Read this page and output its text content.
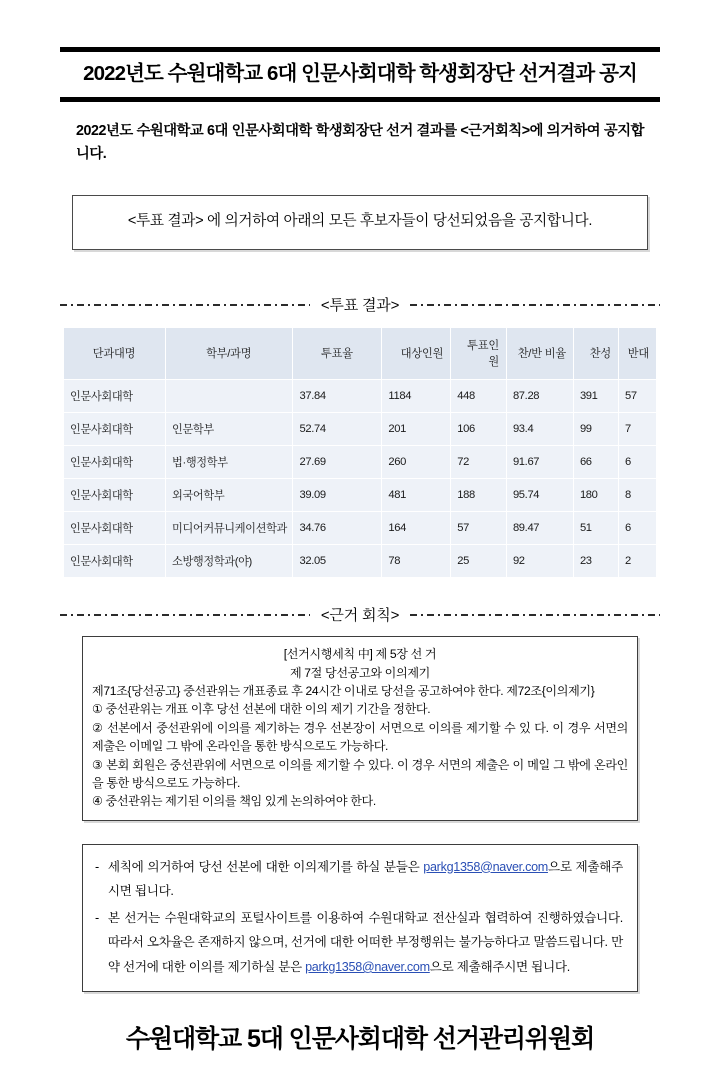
2022년도 수원대학교 6대 인문사회대학 학생회장단 선거결과 공지
2022년도 수원대학교 6대 인문사회대학 학생회장단 선거 결과를 <근거회칙>에 의거하여 공지합니다.
<투표 결과> 에 의거하여 아래의 모든 후보자들이 당선되었음을 공지합니다.
<투표 결과>
단과대명	학부/과명	투표율	대상인원	투표인원	찬/반 비율	찬성	반대
인문사회대학		37.84	1184	448	87.28	391	57
인문사회대학	인문학부	52.74	201	106	93.4	99	7
인문사회대학	법·행정학부	27.69	260	72	91.67	66	6
인문사회대학	외국어학부	39.09	481	188	95.74	180	8
인문사회대학	미디어커뮤니케이션학과	34.76	164	57	89.47	51	6
인문사회대학	소방행정학과(야)	32.05	78	25	92	23	2
<근거 회칙>
[선거시행세칙 中] 제 5장 선 거
제 7절 당선공고와 이의제기
제71조{당선공고} 중선관위는 개표종료 후 24시간 이내로 당선을 공고하여야 한다. 제72조{이의제기}
① 중선관위는 개표 이후 당선 선본에 대한 이의 제기 기간을 정한다.
② 선본에서 중선관위에 이의를 제기하는 경우 선본장이 서면으로 이의를 제기할 수 있 다. 이 경우 서면의 제출은 이메일 그 밖에 온라인을 통한 방식으로도 가능하다.
③ 본회 회원은 중선관위에 서면으로 이의를 제기할 수 있다. 이 경우 서면의 제출은 이 메일 그 밖에 온라인을 통한 방식으로도 가능하다.
④ 중선관위는 제기된 이의를 책임 있게 논의하여야 한다.
- 세칙에 의거하여 당선 선본에 대한 이의제기를 하실 분들은 parkg1358@naver.com으로 제출해주시면 됩니다.
- 본 선거는 수원대학교의 포털사이트를 이용하여 수원대학교 전산실과 협력하여 진행하였습니다. 따라서 오차율은 존재하지 않으며, 선거에 대한 어떠한 부정행위는 불가능하다고 말씀드립니다. 만약 선거에 대한 이의를 제기하실 분은 parkg1358@naver.com으로 제출해주시면 됩니다.
수원대학교 5대 인문사회대학 선거관리위원회
